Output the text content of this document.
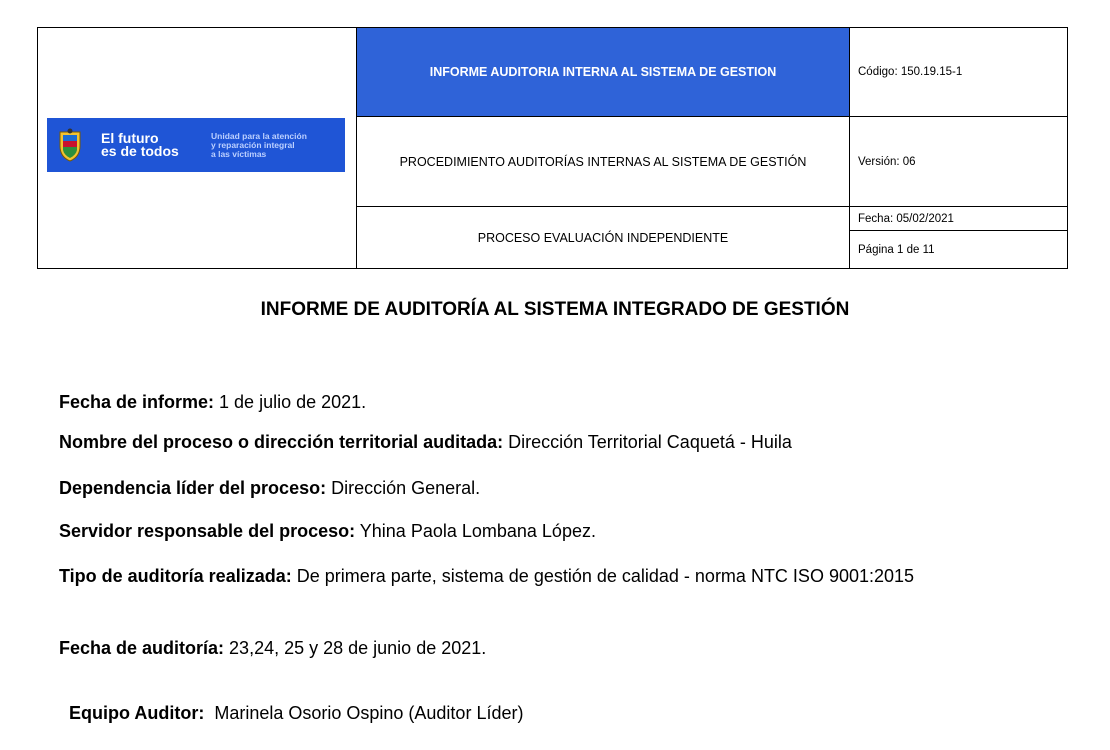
El futuro
es de todos
Unidad para la atención
y reparación integral
a las víctimas
INFORME AUDITORIA INTERNA AL SISTEMA DE GESTION
PROCEDIMIENTO AUDITORÍAS INTERNAS AL SISTEMA DE GESTIÓN
PROCESO EVALUACIÓN INDEPENDIENTE
Código: 150.19.15-1
Versión: 06
Fecha: 05/02/2021
Página 1 de 11
INFORME DE AUDITORÍA AL SISTEMA INTEGRADO DE GESTIÓN
Fecha de informe: 1 de julio de 2021.
Nombre del proceso o dirección territorial auditada: Dirección Territorial Caquetá - Huila
Dependencia líder del proceso: Dirección General.
Servidor responsable del proceso: Yhina Paola Lombana López.
Tipo de auditoría realizada: De primera parte, sistema de gestión de calidad - norma NTC ISO 9001:2015
Fecha de auditoría: 23,24, 25 y 28 de junio de 2021.

Equipo Auditor:  Marinela Osorio Ospino (Auditor Líder)
